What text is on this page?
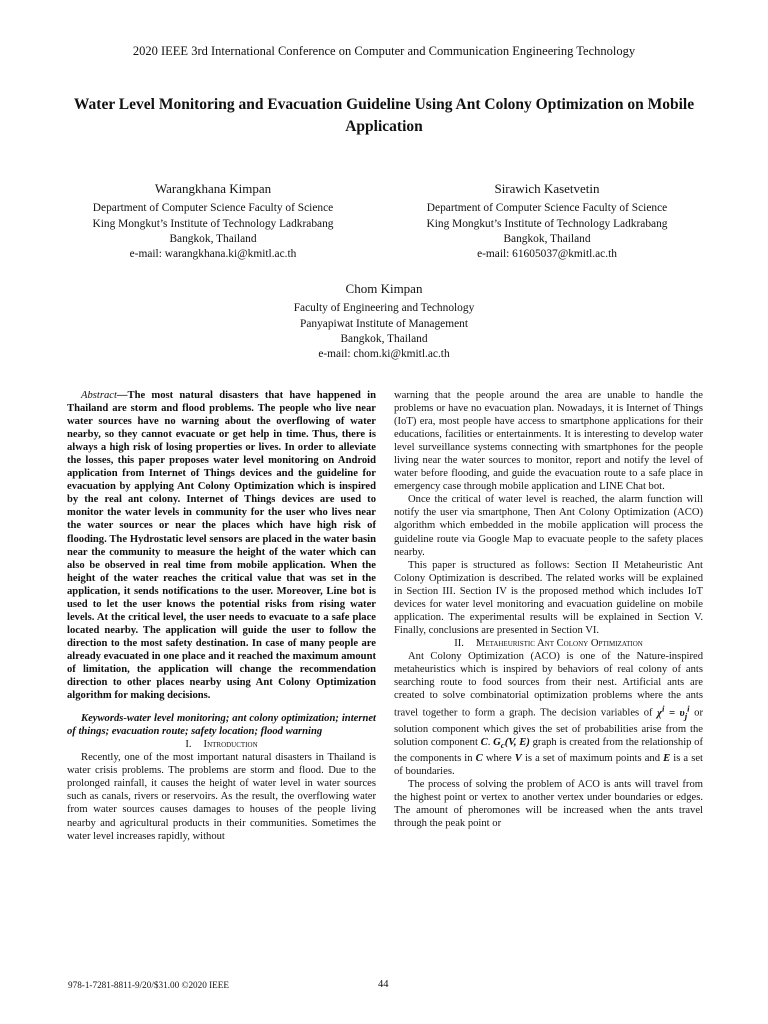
2020 IEEE 3rd International Conference on Computer and Communication Engineering Technology
Water Level Monitoring and Evacuation Guideline Using Ant Colony Optimization on Mobile Application
Warangkhana Kimpan
Department of Computer Science Faculty of Science
King Mongkut’s Institute of Technology Ladkrabang
Bangkok, Thailand
e-mail: warangkhana.ki@kmitl.ac.th
Sirawich Kasetvetin
Department of Computer Science Faculty of Science
King Mongkut’s Institute of Technology Ladkrabang
Bangkok, Thailand
e-mail: 61605037@kmitl.ac.th
Chom Kimpan
Faculty of Engineering and Technology
Panyapiwat Institute of Management
Bangkok, Thailand
e-mail: chom.ki@kmitl.ac.th

Abstract—The most natural disasters that have happened in Thailand are storm and flood problems. The people who live near water sources have no warning about the overflowing of water nearby, so they cannot evacuate or get help in time. Thus, there is always a high risk of losing properties or lives. In order to alleviate the losses, this paper proposes water level monitoring on Android application from Internet of Things devices and the guideline for evacuation by applying Ant Colony Optimization which is inspired by the real ant colony. Internet of Things devices are used to monitor the water levels in community for the user who lives near the water sources or near the places which have high risk of flooding. The Hydrostatic level sensors are placed in the water basin near the community to measure the height of the water which can also be observed in real time from mobile application. When the height of the water reaches the critical value that was set in the application, it sends notifications to the user. Moreover, Line bot is used to let the user knows the potential risks from rising water levels. At the critical level, the user needs to evacuate to a safe place located nearby. The application will guide the user to follow the direction to the most safety destination. In case of many people are already evacuated in one place and it reached the maximum amount of limitation, the application will change the recommendation direction to other places nearby using Ant Colony Optimization algorithm for making decisions.

Keywords-water level monitoring; ant colony optimization; internet of things; evacuation route; safety location; flood warning

I. Introduction

Recently, one of the most important natural disasters in Thailand is water crisis problems. The problems are storm and flood. Due to the prolonged rainfall, it causes the height of water level in water sources such as canals, rivers or reservoirs. As the result, the overflowing water from water sources causes damages to houses of the people living nearby and agricultural products in their communities. Sometimes the water level increases rapidly, without

warning that the people around the area are unable to handle the problems or have no evacuation plan. Nowadays, it is Internet of Things (IoT) era, most people have access to smartphone applications for their educations, facilities or entertainments. It is interesting to develop water level surveillance systems connecting with smartphones for the people living near the water sources to monitor, report and notify the level of water before flooding, and guide the evacuation route to a safe place in emergency case through mobile application and LINE Chat bot.

Once the critical of water level is reached, the alarm function will notify the user via smartphone, Then Ant Colony Optimization (ACO) algorithm which embedded in the mobile application will process the guideline route via Google Map to evacuate people to the safety places nearby.

This paper is structured as follows: Section II Metaheuristic Ant Colony Optimization is described. The related works will be explained in Section III. Section IV is the proposed method which includes IoT devices for water level monitoring and evacuation guideline on mobile application. The experimental results will be explained in Section V. Finally, conclusions are presented in Section VI.

II. Metaheuristic Ant Colony Optimization

Ant Colony Optimization (ACO) is one of the Nature-inspired metaheuristics which is inspired by behaviors of real colony of ants searching route to food sources from their nest. Artificial ants are created to solve combinatorial optimization problems where the ants travel together to form a graph. The decision variables of $\chi^i = \upsilon_j^i$ or solution component which gives the set of probabilities arise from the solution component C. $G_c(V$, E) graph is created from the relationship of the components in C where V is a set of maximum points and E is a set of boundaries.

The process of solving the problem of ACO is ants will travel from the highest point or vertex to another vertex under boundaries or edges. The amount of pheromones will be increased when the ants travel through the peak point or

978-1-7281-8811-9/20/$31.00 ©2020 IEEE	44
